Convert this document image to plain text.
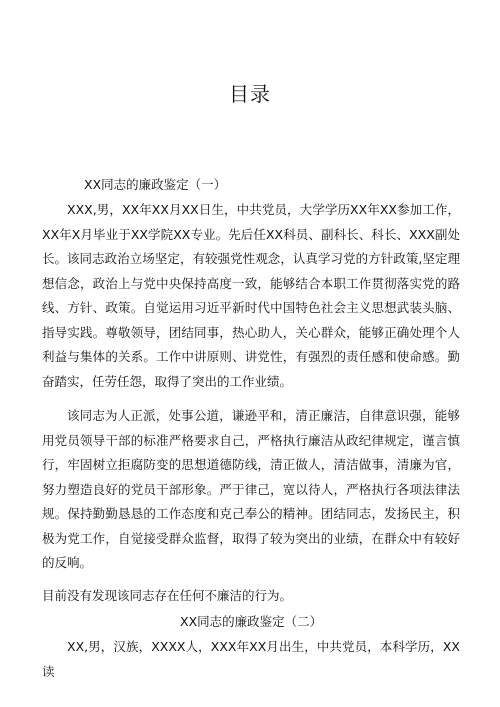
目录
XX同志的廉政鉴定（一）
XXX,男，XX年XX月XX日生，中共党员，大学学历XX年XX参加工作，XX年X月毕业于XX学院XX专业。先后任XX科员、副科长、科长、XXX副处长。 该同志政治立场坚定，有较强党性观念，认真学习党的方针政策,坚定理想信念，政治上与党中央保持高度一致，能够结合本职工作贯彻落实党的路线、方针、政策。自觉运用习近平新时代中国特色社会主义思想武装头脑、指导实践。尊敬领导，团结同事，热心助人，关心群众，能够正确处理个人利益与集体的关系。工作中讲原则、讲党性，有强烈的责任感和使命感。勤奋踏实，任劳任怨，取得了突出的工作业绩。
该同志为人正派，处事公道，谦逊平和，清正廉洁，自律意识强，能够用党员领导干部的标准严格要求自己，严格执行廉洁从政纪律规定，谨言慎行，牢固树立拒腐防变的思想道德防线，清正做人，清洁做事，清廉为官，努力塑造良好的党员干部形象。严于律己，宽以待人，严格执行各项法律法规。保持勤勤恳恳的工作态度和克己奉公的精神。团结同志，发扬民主，积极为党工作，自觉接受群众监督，取得了较为突出的业绩，在群众中有较好的反响。
目前没有发现该同志存在任何不廉洁的行为。
XX同志的廉政鉴定（二）
XX,男，汉族，XXXX人，XXX年XX月出生，中共党员，本科学历，XX读
